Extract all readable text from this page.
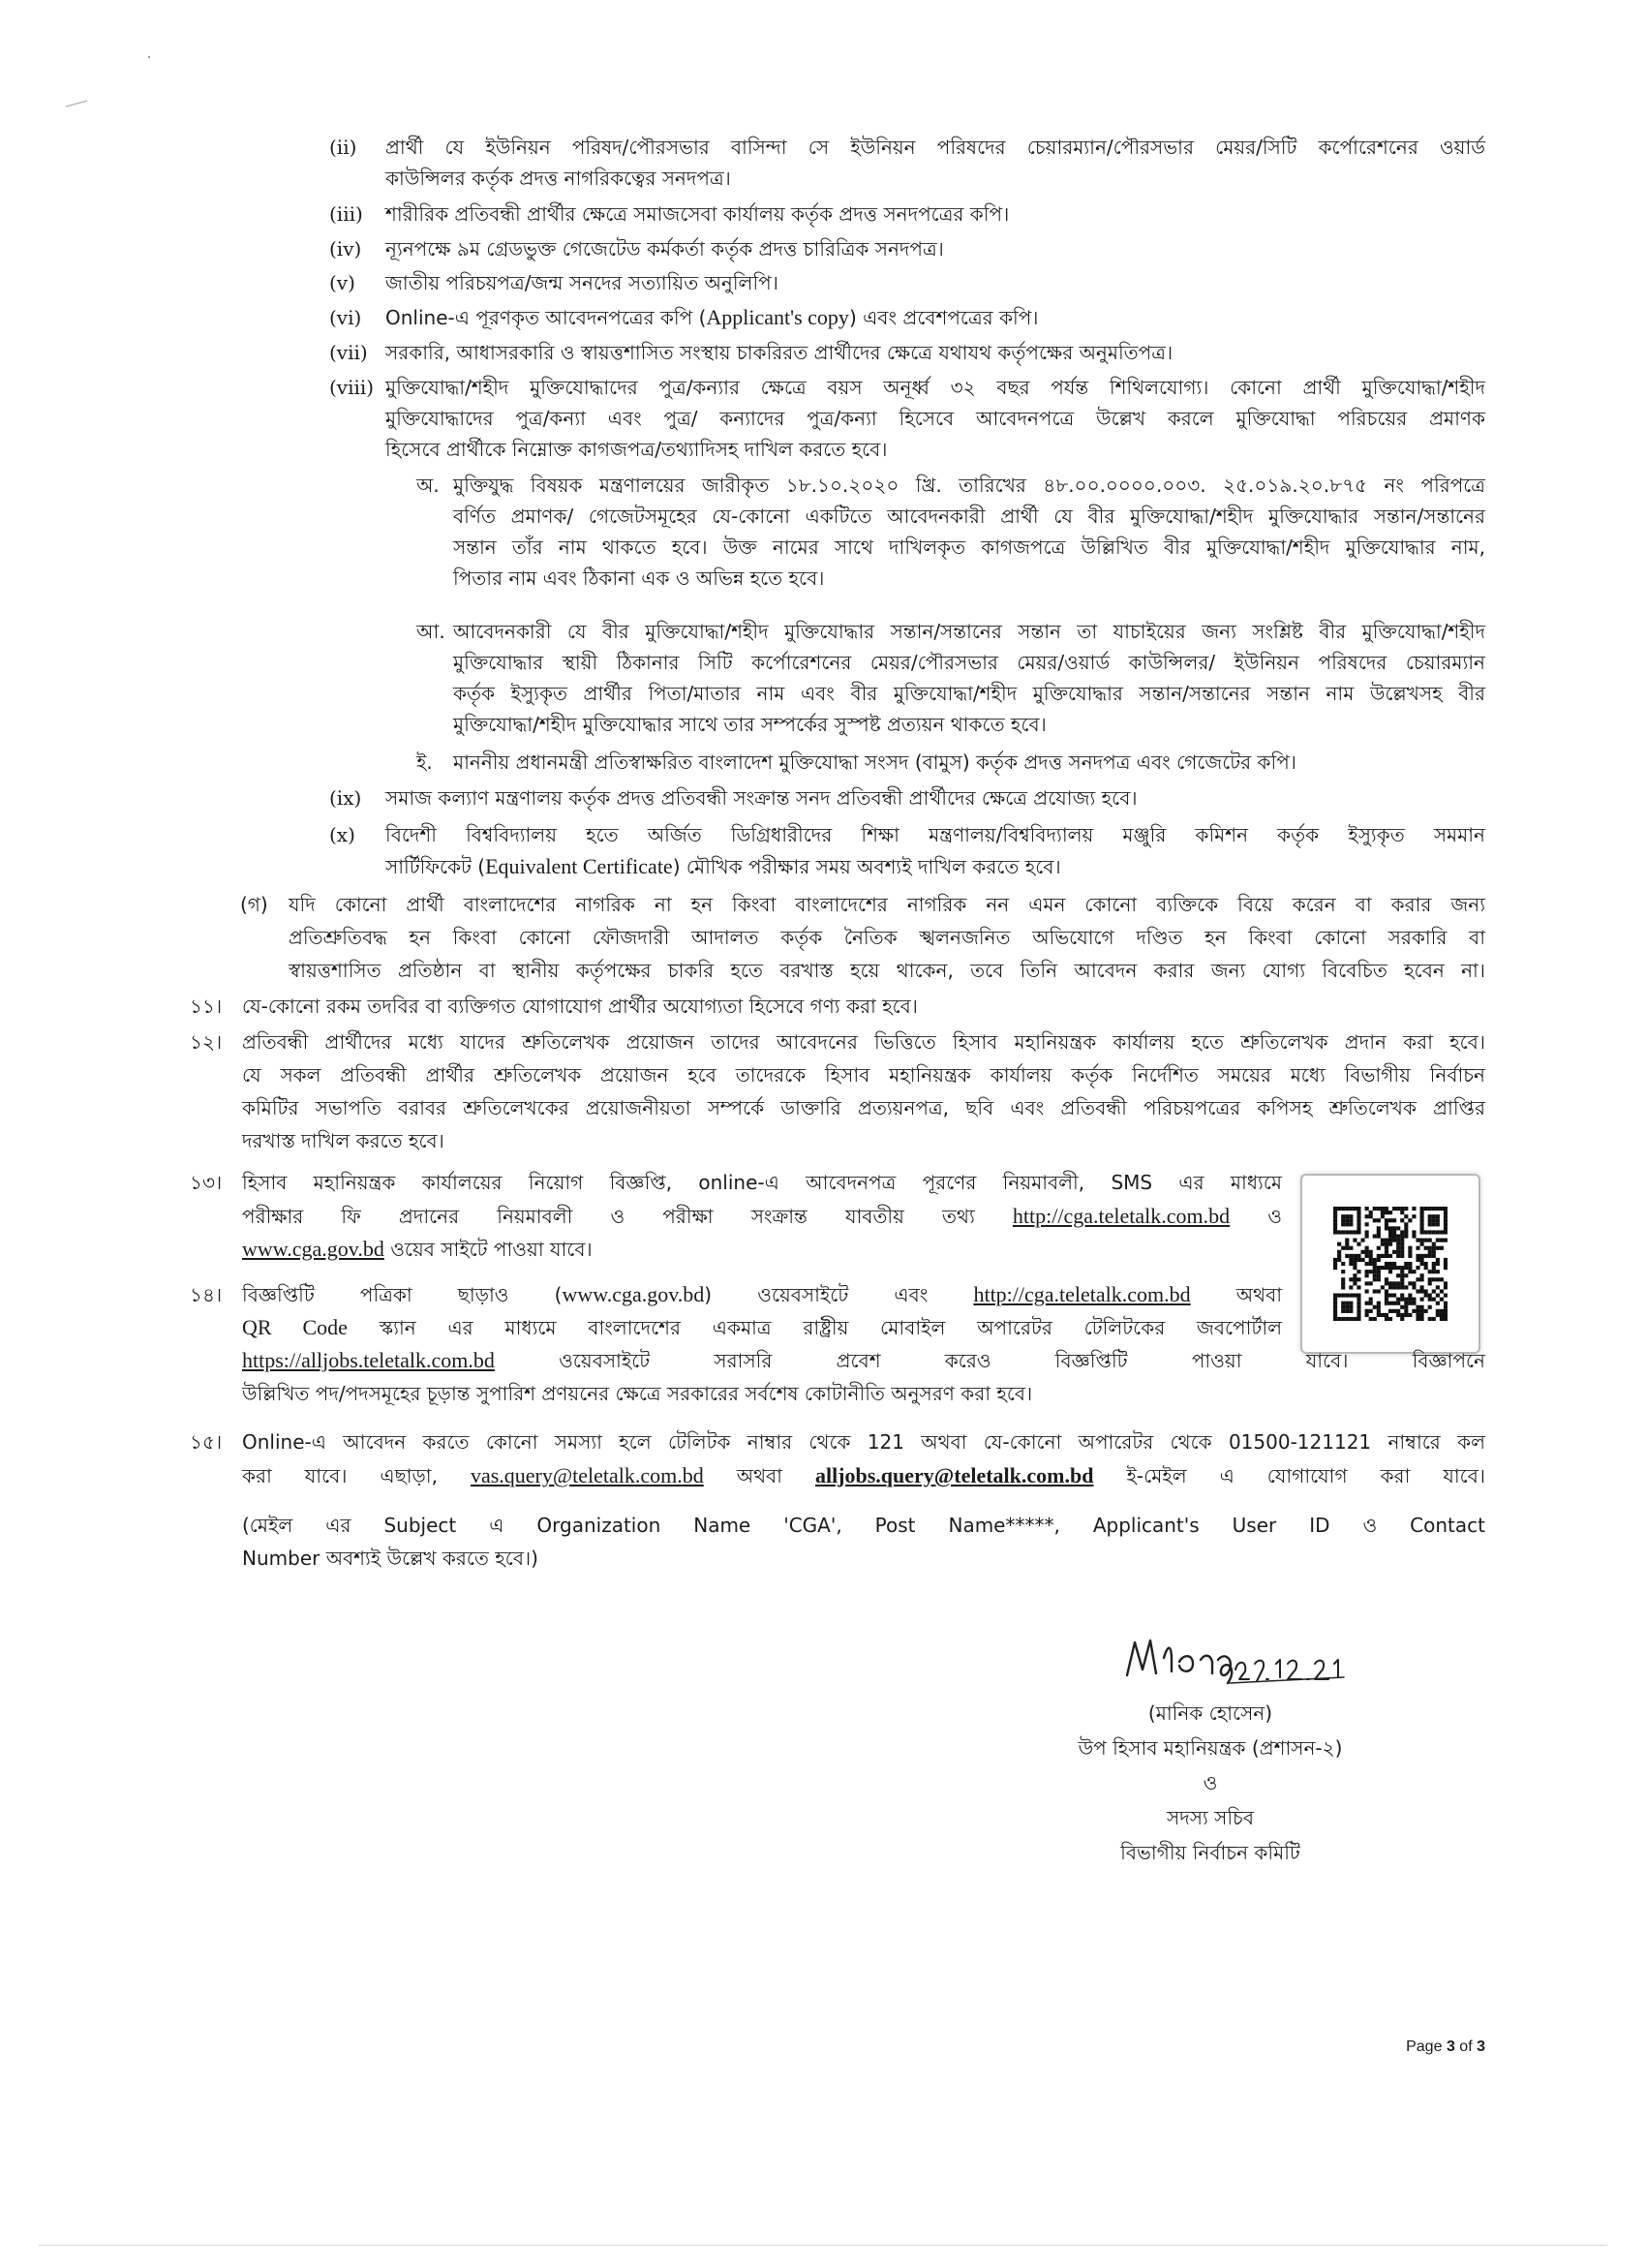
(ii) প্রার্থী যে ইউনিয়ন পরিষদ/পৌরসভার বাসিন্দা সে ইউনিয়ন পরিষদের চেয়ারম্যান/পৌরসভার মেয়র/সিটি কর্পোরেশনের ওয়ার্ড
কাউন্সিলর কর্তৃক প্রদত্ত নাগরিকত্বের সনদপত্র।
(iii) শারীরিক প্রতিবন্ধী প্রার্থীর ক্ষেত্রে সমাজসেবা কার্যালয় কর্তৃক প্রদত্ত সনদপত্রের কপি।
(iv) ন্যূনপক্ষে ৯ম গ্রেডভুক্ত গেজেটেড কর্মকর্তা কর্তৃক প্রদত্ত চারিত্রিক সনদপত্র।
(v) জাতীয় পরিচয়পত্র/জন্ম সনদের সত্যায়িত অনুলিপি।
(vi) Online-এ পূরণকৃত আবেদনপত্রের কপি (Applicant's copy) এবং প্রবেশপত্রের কপি।
(vii) সরকারি, আধাসরকারি ও স্বায়ত্তশাসিত সংস্থায় চাকরিরত প্রার্থীদের ক্ষেত্রে যথাযথ কর্তৃপক্ষের অনুমতিপত্র।
(viii) মুক্তিযোদ্ধা/শহীদ মুক্তিযোদ্ধাদের পুত্র/কন্যার ক্ষেত্রে বয়স অনূর্ধ্ব ৩২ বছর পর্যন্ত শিথিলযোগ্য। কোনো প্রার্থী মুক্তিযোদ্ধা/শহীদ
মুক্তিযোদ্ধাদের পুত্র/কন্যা এবং পুত্র/ কন্যাদের পুত্র/কন্যা হিসেবে আবেদনপত্রে উল্লেখ করলে মুক্তিযোদ্ধা পরিচয়ের প্রমাণক
হিসেবে প্রার্থীকে নিম্নোক্ত কাগজপত্র/তথ্যাদিসহ দাখিল করতে হবে।
অ. মুক্তিযুদ্ধ বিষয়ক মন্ত্রণালয়ের জারীকৃত ১৮.১০.২০২০ খ্রি. তারিখের ৪৮.০০.০০০০.০০৩. ২৫.০১৯.২০.৮৭৫ নং পরিপত্রে
বর্ণিত প্রমাণক/ গেজেটসমূহের যে-কোনো একটিতে আবেদনকারী প্রার্থী যে বীর মুক্তিযোদ্ধা/শহীদ মুক্তিযোদ্ধার সন্তান/সন্তানের
সন্তান তাঁর নাম থাকতে হবে। উক্ত নামের সাথে দাখিলকৃত কাগজপত্রে উল্লিখিত বীর মুক্তিযোদ্ধা/শহীদ মুক্তিযোদ্ধার নাম,
পিতার নাম এবং ঠিকানা এক ও অভিন্ন হতে হবে।
আ. আবেদনকারী যে বীর মুক্তিযোদ্ধা/শহীদ মুক্তিযোদ্ধার সন্তান/সন্তানের সন্তান তা যাচাইয়ের জন্য সংশ্লিষ্ট বীর মুক্তিযোদ্ধা/শহীদ
মুক্তিযোদ্ধার স্থায়ী ঠিকানার সিটি কর্পোরেশনের মেয়র/পৌরসভার মেয়র/ওয়ার্ড কাউন্সিলর/ ইউনিয়ন পরিষদের চেয়ারম্যান
কর্তৃক ইস্যুকৃত প্রার্থীর পিতা/মাতার নাম এবং বীর মুক্তিযোদ্ধা/শহীদ মুক্তিযোদ্ধার সন্তান/সন্তানের সন্তান নাম উল্লেখসহ বীর
মুক্তিযোদ্ধা/শহীদ মুক্তিযোদ্ধার সাথে তার সম্পর্কের সুস্পষ্ট প্রত্যয়ন থাকতে হবে।
ই. মাননীয় প্রধানমন্ত্রী প্রতিস্বাক্ষরিত বাংলাদেশ মুক্তিযোদ্ধা সংসদ (বামুস) কর্তৃক প্রদত্ত সনদপত্র এবং গেজেটের কপি।
(ix) সমাজ কল্যাণ মন্ত্রণালয় কর্তৃক প্রদত্ত প্রতিবন্ধী সংক্রান্ত সনদ প্রতিবন্ধী প্রার্থীদের ক্ষেত্রে প্রযোজ্য হবে।
(x) বিদেশী বিশ্ববিদ্যালয় হতে অর্জিত ডিগ্রিধারীদের শিক্ষা মন্ত্রণালয়/বিশ্ববিদ্যালয় মঞ্জুরি কমিশন কর্তৃক ইস্যুকৃত সমমান
সার্টিফিকেট (Equivalent Certificate) মৌখিক পরীক্ষার সময় অবশ্যই দাখিল করতে হবে।
(গ) যদি কোনো প্রার্থী বাংলাদেশের নাগরিক না হন কিংবা বাংলাদেশের নাগরিক নন এমন কোনো ব্যক্তিকে বিয়ে করেন বা করার জন্য
প্রতিশ্রুতিবদ্ধ হন কিংবা কোনো ফৌজদারী আদালত কর্তৃক নৈতিক স্খলনজনিত অভিযোগে দণ্ডিত হন কিংবা কোনো সরকারি বা
স্বায়ত্তশাসিত প্রতিষ্ঠান বা স্থানীয় কর্তৃপক্ষের চাকরি হতে বরখাস্ত হয়ে থাকেন, তবে তিনি আবেদন করার জন্য যোগ্য বিবেচিত হবেন না।
১১। যে-কোনো রকম তদবির বা ব্যক্তিগত যোগাযোগ প্রার্থীর অযোগ্যতা হিসেবে গণ্য করা হবে।
১২। প্রতিবন্ধী প্রার্থীদের মধ্যে যাদের শ্রুতিলেখক প্রয়োজন তাদের আবেদনের ভিত্তিতে হিসাব মহানিয়ন্ত্রক কার্যালয় হতে শ্রুতিলেখক প্রদান করা হবে।
যে সকল প্রতিবন্ধী প্রার্থীর শ্রুতিলেখক প্রয়োজন হবে তাদেরকে হিসাব মহানিয়ন্ত্রক কার্যালয় কর্তৃক নির্দেশিত সময়ের মধ্যে বিভাগীয় নির্বাচন
কমিটির সভাপতি বরাবর শ্রুতিলেখকের প্রয়োজনীয়তা সম্পর্কে ডাক্তারি প্রত্যয়নপত্র, ছবি এবং প্রতিবন্ধী পরিচয়পত্রের কপিসহ শ্রুতিলেখক প্রাপ্তির
দরখাস্ত দাখিল করতে হবে।
১৩। হিসাব মহানিয়ন্ত্রক কার্যালয়ের নিয়োগ বিজ্ঞপ্তি, online-এ আবেদনপত্র পূরণের নিয়মাবলী, SMS এর মাধ্যমে
পরীক্ষার ফি প্রদানের নিয়মাবলী ও পরীক্ষা সংক্রান্ত যাবতীয় তথ্য http://cga.teletalk.com.bd ও
www.cga.gov.bd ওয়েব সাইটে পাওয়া যাবে।
১৪। বিজ্ঞপ্তিটি পত্রিকা ছাড়াও (www.cga.gov.bd) ওয়েবসাইটে এবং http://cga.teletalk.com.bd অথবা
QR Code স্ক্যান এর মাধ্যমে বাংলাদেশের একমাত্র রাষ্ট্রীয় মোবাইল অপারেটর টেলিটকের জবপোর্টাল
https://alljobs.teletalk.com.bd	ওয়েবসাইটে সরাসরি প্রবেশ করেও বিজ্ঞপ্তিটি পাওয়া যাবে। বিজ্ঞাপনে
উল্লিখিত পদ/পদসমূহের চূড়ান্ত সুপারিশ প্রণয়নের ক্ষেত্রে সরকারের সর্বশেষ কোটানীতি অনুসরণ করা হবে।
১৫। Online-এ আবেদন করতে কোনো সমস্যা হলে টেলিটক নাম্বার থেকে 121 অথবা যে-কোনো অপারেটর থেকে 01500-121121 নাম্বারে কল
করা যাবে। এছাড়া, vas.query@teletalk.com.bd অথবা alljobs.query@teletalk.com.bd ই-মেইল এ যোগাযোগ করা যাবে।
(মেইল এর Subject এ Organization Name 'CGA', Post Name*****, Applicant's User ID ও Contact
Number অবশ্যই উল্লেখ করতে হবে।)
(মানিক হোসেন)
উপ হিসাব মহানিয়ন্ত্রক (প্রশাসন-২)
ও
সদস্য সচিব
বিভাগীয় নির্বাচন কমিটি
Page 3 of 3
